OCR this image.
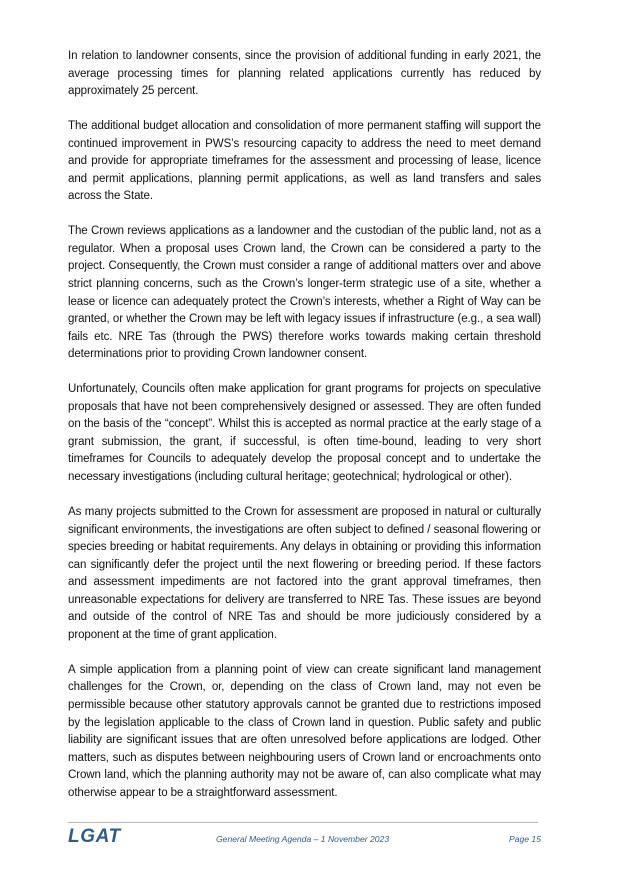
In relation to landowner consents, since the provision of additional funding in early 2021, the average processing times for planning related applications currently has reduced by approximately 25 percent.

The additional budget allocation and consolidation of more permanent staffing will support the continued improvement in PWS’s resourcing capacity to address the need to meet demand and provide for appropriate timeframes for the assessment and processing of lease, licence and permit applications, planning permit applications, as well as land transfers and sales across the State.

The Crown reviews applications as a landowner and the custodian of the public land, not as a regulator. When a proposal uses Crown land, the Crown can be considered a party to the project. Consequently, the Crown must consider a range of additional matters over and above strict planning concerns, such as the Crown’s longer-term strategic use of a site, whether a lease or licence can adequately protect the Crown’s interests, whether a Right of Way can be granted, or whether the Crown may be left with legacy issues if infrastructure (e.g., a sea wall) fails etc. NRE Tas (through the PWS) therefore works towards making certain threshold determinations prior to providing Crown landowner consent.

Unfortunately, Councils often make application for grant programs for projects on speculative proposals that have not been comprehensively designed or assessed. They are often funded on the basis of the “concept”. Whilst this is accepted as normal practice at the early stage of a grant submission, the grant, if successful, is often time-bound, leading to very short timeframes for Councils to adequately develop the proposal concept and to undertake the necessary investigations (including cultural heritage; geotechnical; hydrological or other).

As many projects submitted to the Crown for assessment are proposed in natural or culturally significant environments, the investigations are often subject to defined / seasonal flowering or species breeding or habitat requirements. Any delays in obtaining or providing this information can significantly defer the project until the next flowering or breeding period. If these factors and assessment impediments are not factored into the grant approval timeframes, then unreasonable expectations for delivery are transferred to NRE Tas. These issues are beyond and outside of the control of NRE Tas and should be more judiciously considered by a proponent at the time of grant application.

A simple application from a planning point of view can create significant land management challenges for the Crown, or, depending on the class of Crown land, may not even be permissible because other statutory approvals cannot be granted due to restrictions imposed by the legislation applicable to the class of Crown land in question. Public safety and public liability are significant issues that are often unresolved before applications are lodged. Other matters, such as disputes between neighbouring users of Crown land or encroachments onto Crown land, which the planning authority may not be aware of, can also complicate what may otherwise appear to be a straightforward assessment.

LGAT	General Meeting Agenda – 1 November 2023	Page 15
